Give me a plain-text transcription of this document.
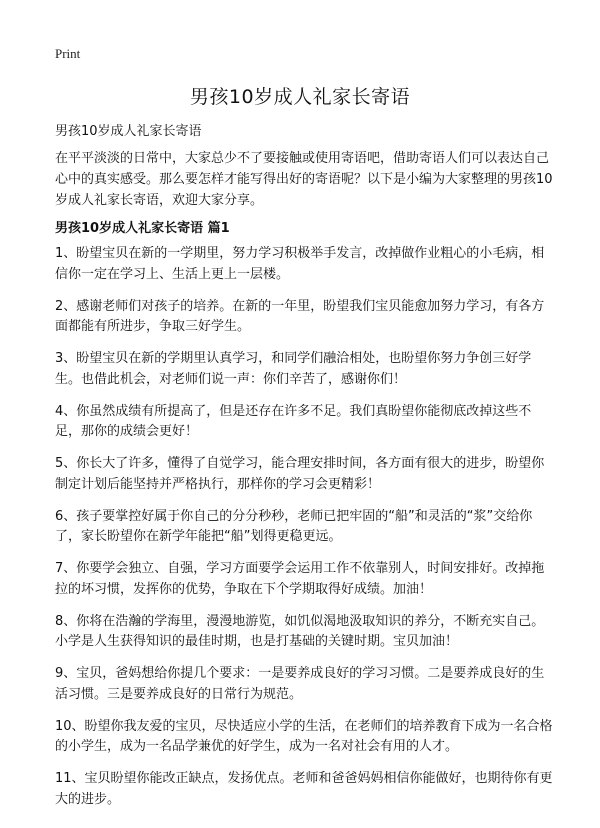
Print
男孩10岁成人礼家长寄语

男孩10岁成人礼家长寄语

在平平淡淡的日常中，大家总少不了要接触或使用寄语吧，借助寄语人们可以表达自己心中的真实感受。那么要怎样才能写得出好的寄语呢？以下是小编为大家整理的男孩10岁成人礼家长寄语，欢迎大家分享。

男孩10岁成人礼家长寄语 篇1
1、盼望宝贝在新的一学期里，努力学习积极举手发言，改掉做作业粗心的小毛病，相信你一定在学习上、生活上更上一层楼。
2、感谢老师们对孩子的培养。在新的一年里，盼望我们宝贝能愈加努力学习，有各方面都能有所进步，争取三好学生。
3、盼望宝贝在新的学期里认真学习，和同学们融洽相处，也盼望你努力争创三好学生。也借此机会，对老师们说一声：你们辛苦了，感谢你们！
4、你虽然成绩有所提高了，但是还存在许多不足。我们真盼望你能彻底改掉这些不足，那你的成绩会更好！
5、你长大了许多，懂得了自觉学习，能合理安排时间，各方面有很大的进步，盼望你制定计划后能坚持并严格执行，那样你的学习会更精彩！
6、孩子要掌控好属于你自己的分分秒秒，老师已把牢固的“船”和灵活的“浆”交给你了，家长盼望你在新学年能把“船”划得更稳更远。
7、你要学会独立、自强，学习方面要学会运用工作不依靠别人，时间安排好。改掉拖拉的坏习惯，发挥你的优势，争取在下个学期取得好成绩。加油！
8、你将在浩瀚的学海里，漫漫地游览，如饥似渴地汲取知识的养分，不断充实自己。小学是人生获得知识的最佳时期，也是打基础的关键时期。宝贝加油！
9、宝贝，爸妈想给你提几个要求：一是要养成良好的学习习惯。二是要养成良好的生活习惯。三是要养成良好的日常行为规范。
10、盼望你我友爱的宝贝，尽快适应小学的生活，在老师们的培养教育下成为一名合格的小学生，成为一名品学兼优的好学生，成为一名对社会有用的人才。
11、宝贝盼望你能改正缺点，发扬优点。老师和爸爸妈妈相信你能做好，也期待你有更大的进步。
